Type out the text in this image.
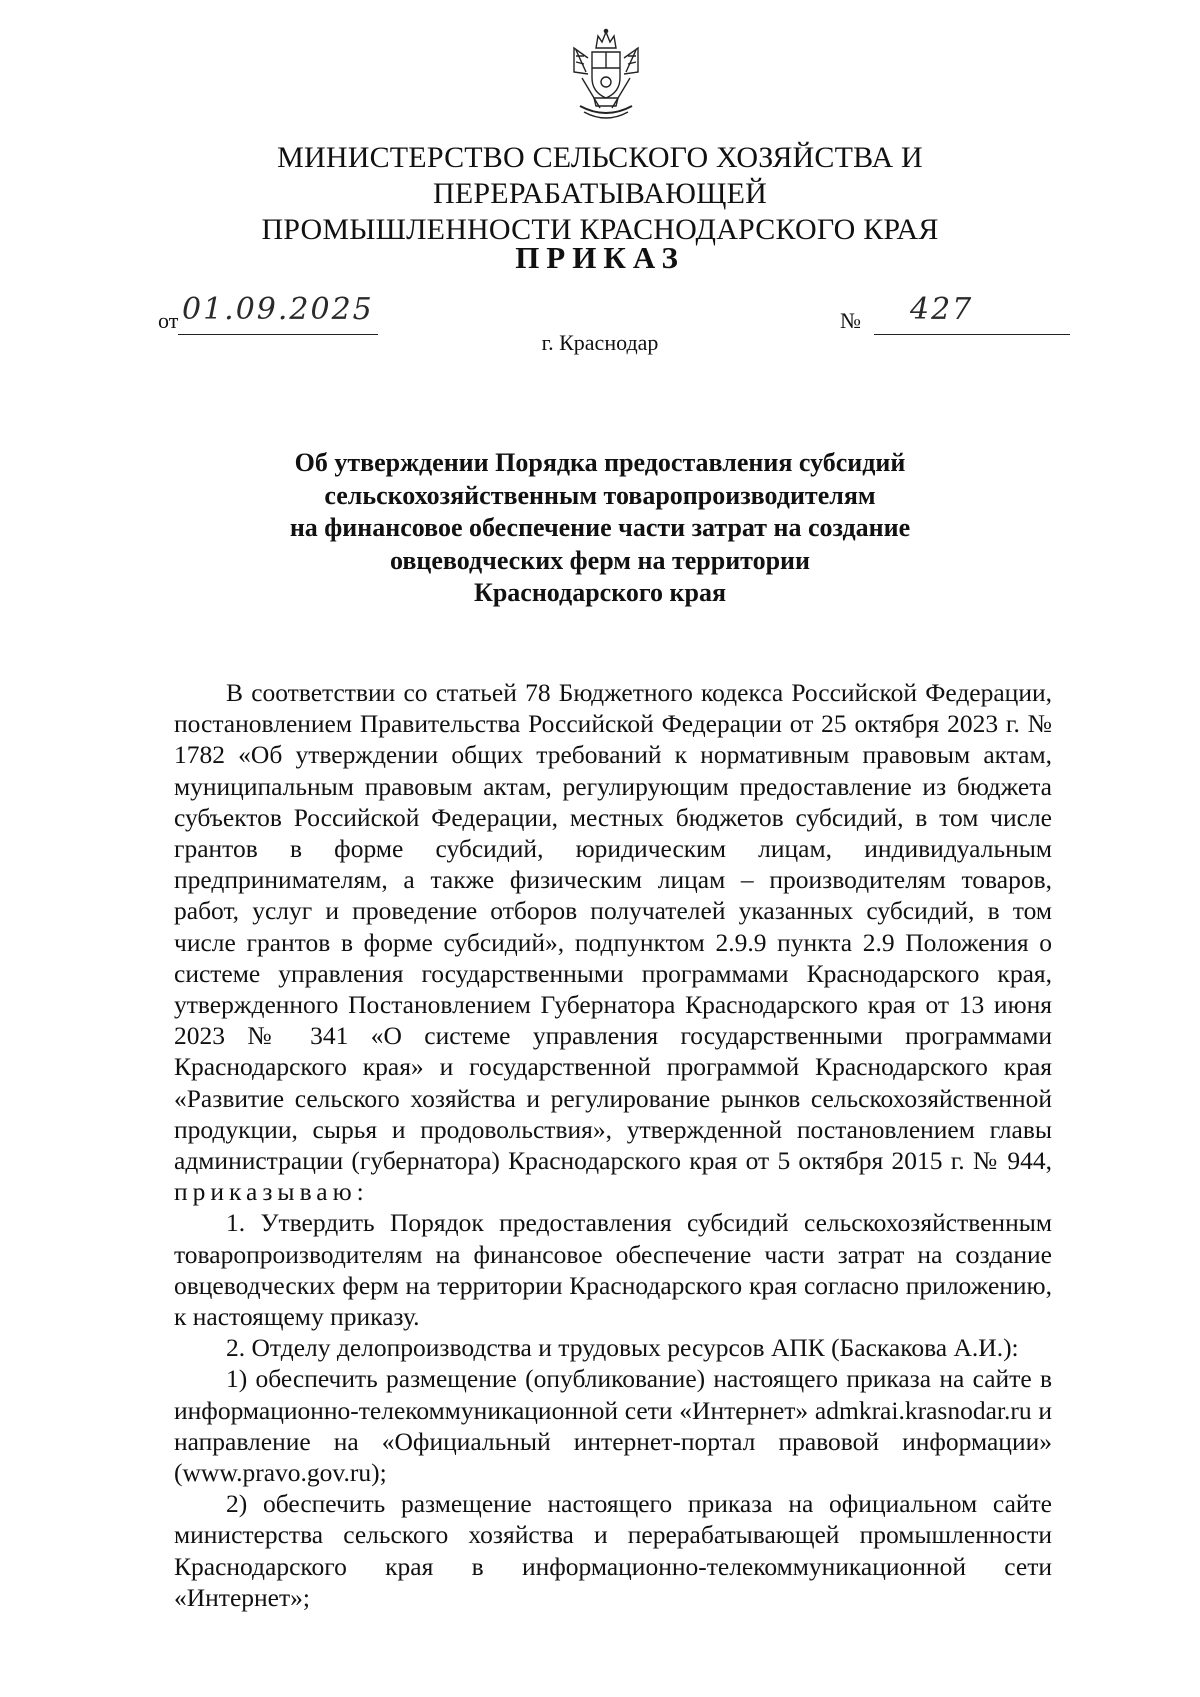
МИНИСТЕРСТВО СЕЛЬСКОГО ХОЗЯЙСТВА И ПЕРЕРАБАТЫВАЮЩЕЙ
ПРОМЫШЛЕННОСТИ КРАСНОДАРСКОГО КРАЯ
ПРИКАЗ
от 01.09.2025	№ 427
г. Краснодар
Об утверждении Порядка предоставления субсидий
сельскохозяйственным товаропроизводителям
на финансовое обеспечение части затрат на создание
овцеводческих ферм на территории
Краснодарского края

В соответствии со статьей 78 Бюджетного кодекса Российской Федерации, постановлением Правительства Российской Федерации от 25 октября 2023 г. № 1782 «Об утверждении общих требований к нормативным правовым актам, муниципальным правовым актам, регулирующим предоставление из бюджета субъектов Российской Федерации, местных бюджетов субсидий, в том числе грантов в форме субсидий, юридическим лицам, индивидуальным предпринимателям, а также физическим лицам – производителям товаров, работ, услуг и проведение отборов получателей указанных субсидий, в том числе грантов в форме субсидий», подпунктом 2.9.9 пункта 2.9 Положения о системе управления государственными программами Краснодарского края, утвержденного Постановлением Губернатора Краснодарского края от 13 июня 2023 № 341 «О системе управления государственными программами Краснодарского края» и государственной программой Краснодарского края «Развитие сельского хозяйства и регулирование рынков сельскохозяйственной продукции, сырья и продовольствия», утвержденной постановлением главы администрации (губернатора) Краснодарского края от 5 октября 2015 г. № 944, приказываю:

1. Утвердить Порядок предоставления субсидий сельскохозяйственным товаропроизводителям на финансовое обеспечение части затрат на создание овцеводческих ферм на территории Краснодарского края согласно приложению, к настоящему приказу.

2. Отделу делопроизводства и трудовых ресурсов АПК (Баскакова А.И.):

1) обеспечить размещение (опубликование) настоящего приказа на сайте в информационно-телекоммуникационной сети «Интернет» admkrai.krasnodar.ru и направление на «Официальный интернет-портал правовой информации» (www.pravo.gov.ru);

2) обеспечить размещение настоящего приказа на официальном сайте министерства сельского хозяйства и перерабатывающей промышленности Краснодарского края в информационно-телекоммуникационной сети «Интернет»;
